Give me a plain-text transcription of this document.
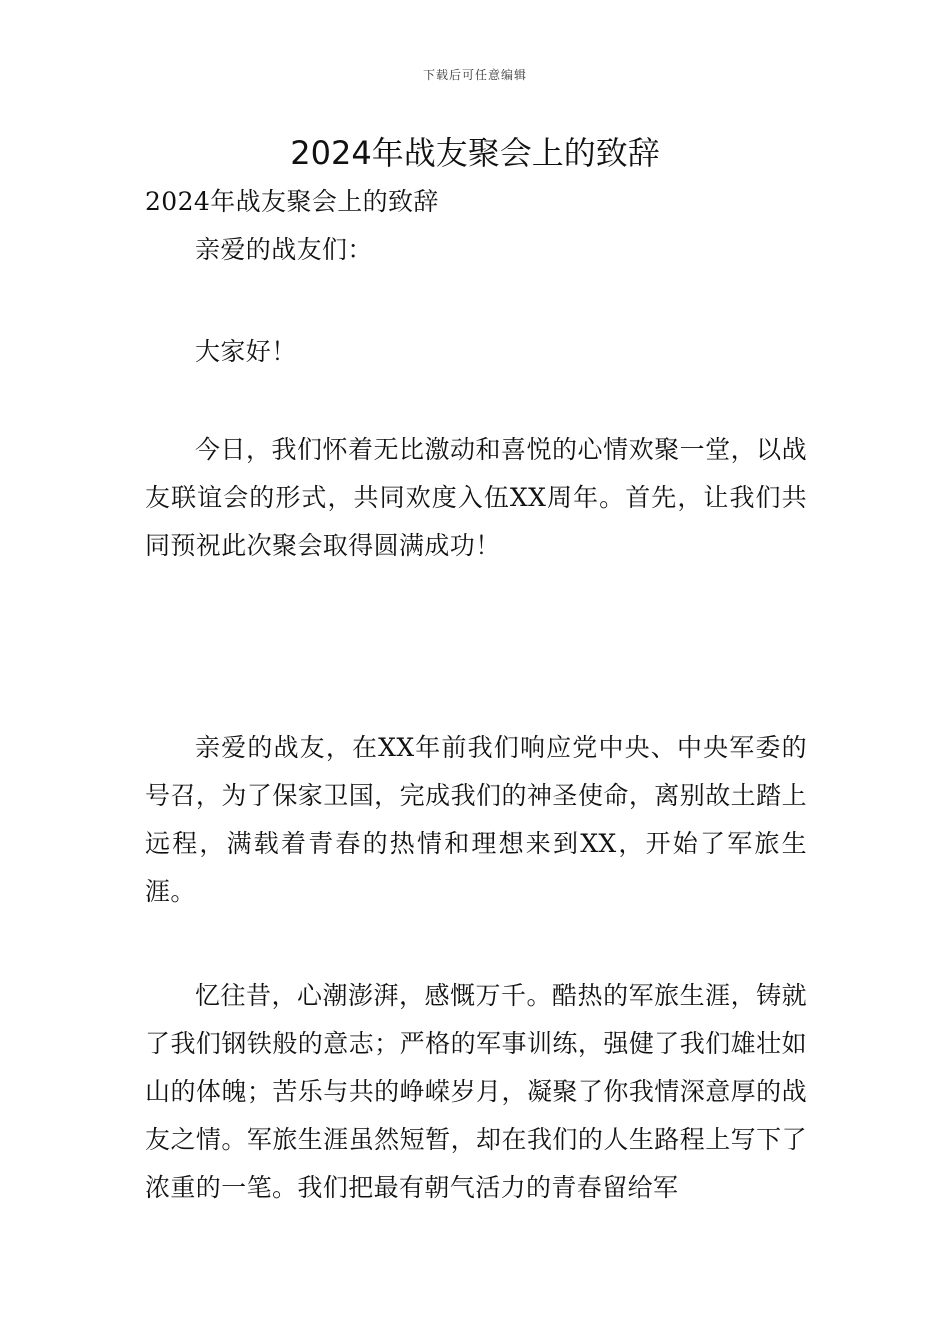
下载后可任意编辑
2024年战友聚会上的致辞

2024年战友聚会上的致辞

亲爱的战友们：

大家好！

今日，我们怀着无比激动和喜悦的心情欢聚一堂，以战友联谊会的形式，共同欢度入伍XX周年。首先，让我们共同预祝此次聚会取得圆满成功！

亲爱的战友，在XX年前我们响应党中央、中央军委的号召，为了保家卫国，完成我们的神圣使命，离别故土踏上远程，满载着青春的热情和理想来到XX，开始了军旅生涯。

忆往昔，心潮澎湃，感慨万千。酷热的军旅生涯，铸就了我们钢铁般的意志；严格的军事训练，强健了我们雄壮如山的体魄；苦乐与共的峥嵘岁月，凝聚了你我情深意厚的战友之情。军旅生涯虽然短暂，却在我们的人生路程上写下了浓重的一笔。我们把最有朝气活力的青春留给军
